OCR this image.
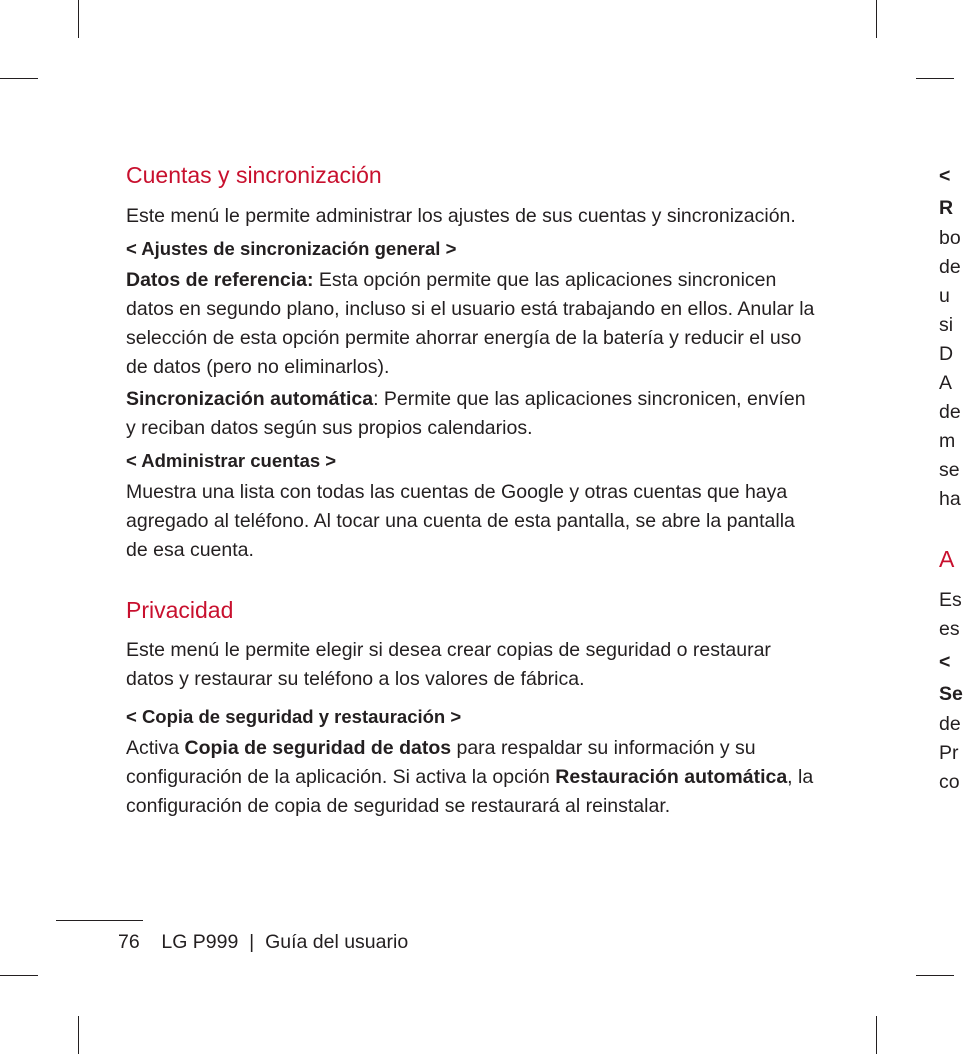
Cuentas y sincronización

Este menú le permite administrar los ajustes de sus cuentas y sincronización.

< Ajustes de sincronización general >

Datos de referencia: Esta opción permite que las aplicaciones sincronicen datos en segundo plano, incluso si el usuario está trabajando en ellos. Anular la selección de esta opción permite ahorrar energía de la batería y reducir el uso de datos (pero no eliminarlos).

Sincronización automática: Permite que las aplicaciones sincronicen, envíen y reciban datos según sus propios calendarios.

< Administrar cuentas >

Muestra una lista con todas las cuentas de Google y otras cuentas que haya agregado al teléfono. Al tocar una cuenta de esta pantalla, se abre la pantalla de esa cuenta.

Privacidad

Este menú le permite elegir si desea crear copias de seguridad o restaurar datos y restaurar su teléfono a los valores de fábrica.

< Copia de seguridad y restauración >

Activa Copia de seguridad de datos para respaldar su información y su configuración de la aplicación. Si activa la opción Restauración automática, la configuración de copia de seguridad se restaurará al reinstalar.

76    LG P999  |  Guía del usuario
<
R
bo
de
u
si
D
A
de
m
se
ha
A
Es
es
<
Se
de
Pr
co
